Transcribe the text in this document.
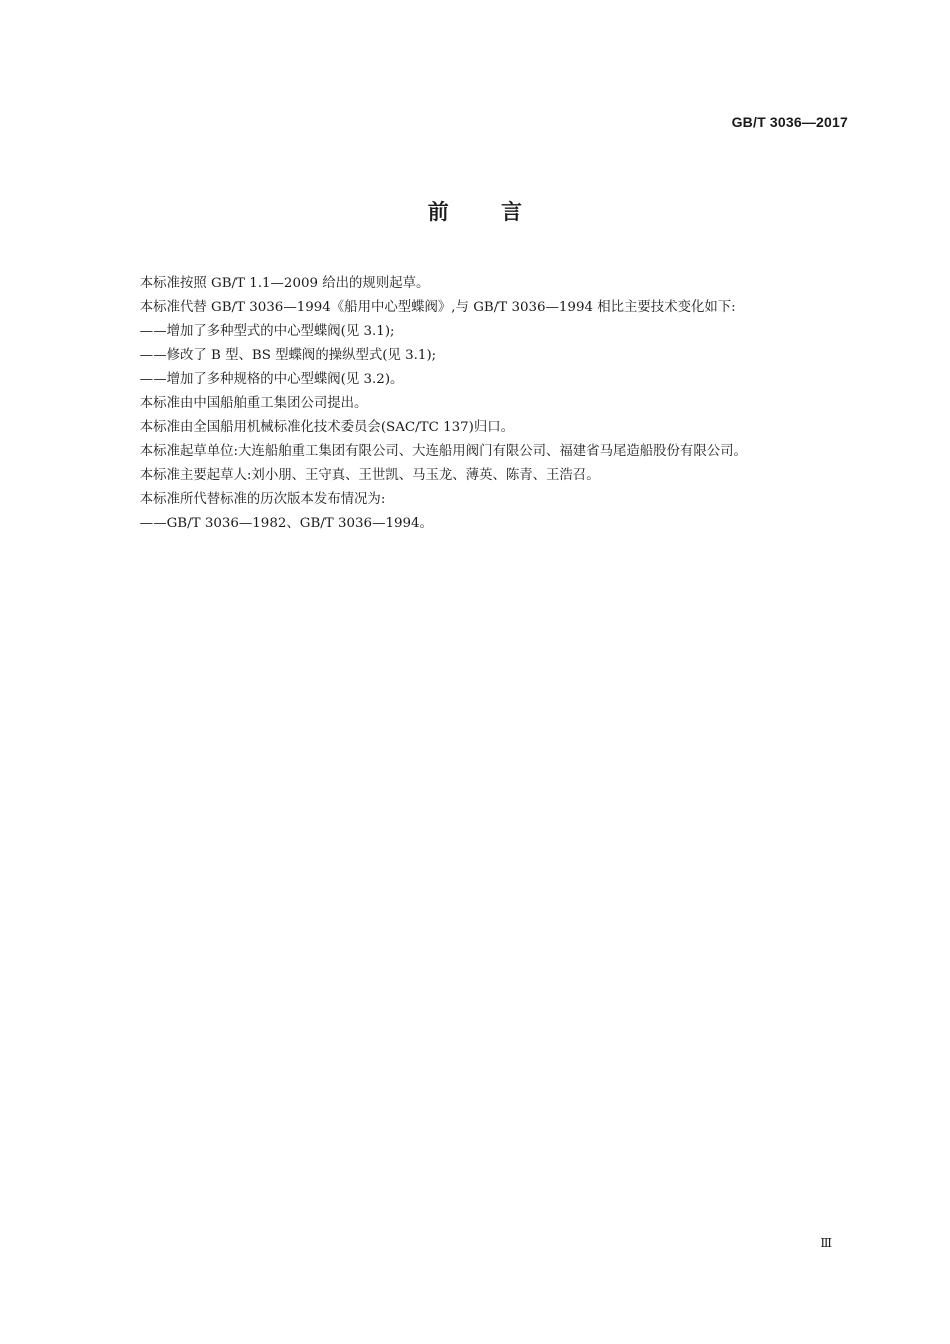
GB/T 3036—2017
前 言

本标准按照 GB/T 1.1—2009 给出的规则起草。

本标准代替 GB/T 3036—1994《船用中心型蝶阀》,与 GB/T 3036—1994 相比主要技术变化如下:

——增加了多种型式的中心型蝶阀(见 3.1);

——修改了 B 型、BS 型蝶阀的操纵型式(见 3.1);

——增加了多种规格的中心型蝶阀(见 3.2)。

本标准由中国船舶重工集团公司提出。

本标准由全国船用机械标准化技术委员会(SAC/TC 137)归口。

本标准起草单位:大连船舶重工集团有限公司、大连船用阀门有限公司、福建省马尾造船股份有限公司。

本标准主要起草人:刘小朋、王守真、王世凯、马玉龙、薄英、陈青、王浩召。

本标准所代替标准的历次版本发布情况为:

——GB/T 3036—1982、GB/T 3036—1994。

Ⅲ
